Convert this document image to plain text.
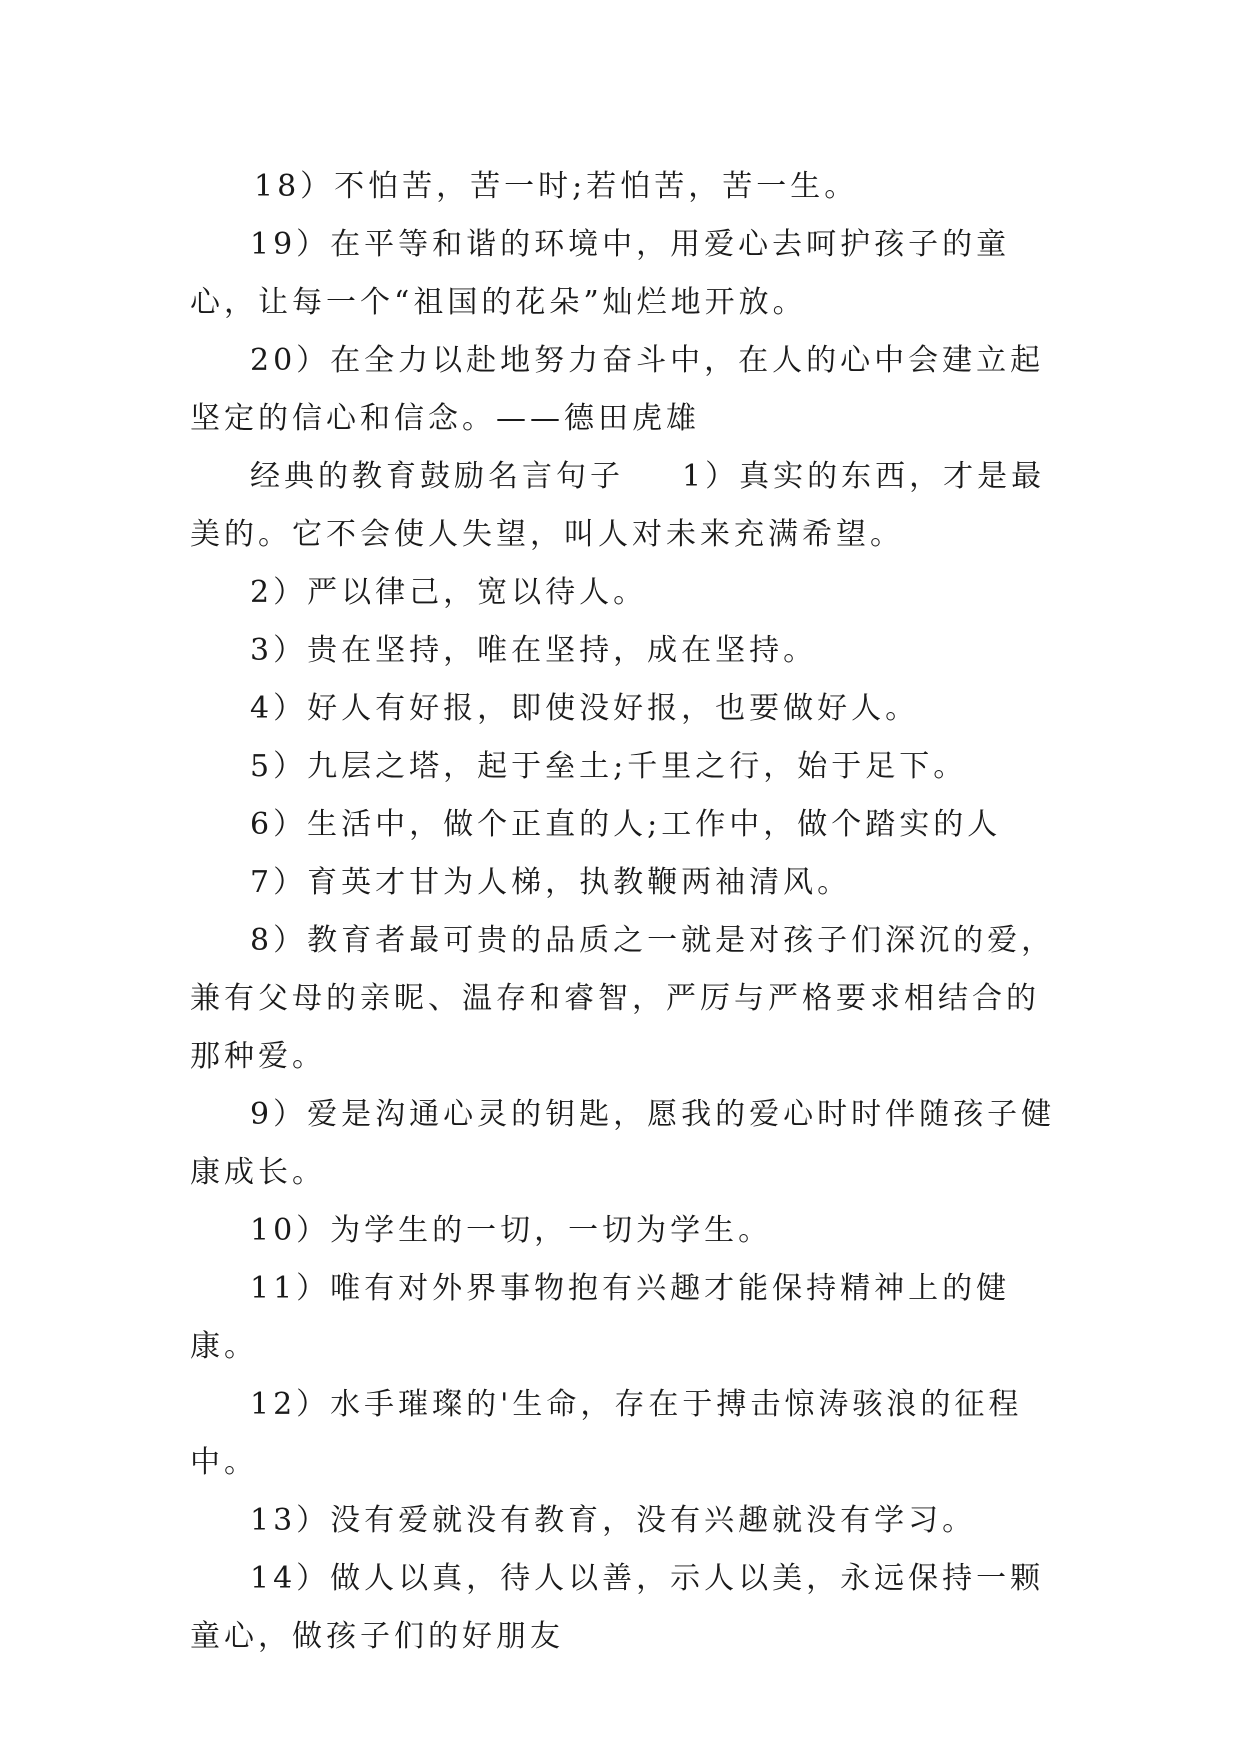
18）不怕苦，苦一时;若怕苦，苦一生。

19）在平等和谐的环境中，用爱心去呵护孩子的童心，让每一个“祖国的花朵”灿烂地开放。

20）在全力以赴地努力奋斗中，在人的心中会建立起坚定的信心和信念。——德田虎雄

经典的教育鼓励名言句子 1）真实的东西，才是最美的。它不会使人失望，叫人对未来充满希望。

2）严以律己，宽以待人。

3）贵在坚持，唯在坚持，成在坚持。

4）好人有好报，即使没好报，也要做好人。

5）九层之塔，起于垒土;千里之行，始于足下。

6）生活中，做个正直的人;工作中，做个踏实的人

7）育英才甘为人梯，执教鞭两袖清风。

8）教育者最可贵的品质之一就是对孩子们深沉的爱，兼有父母的亲昵、温存和睿智，严厉与严格要求相结合的那种爱。

9）爱是沟通心灵的钥匙，愿我的爱心时时伴随孩子健康成长。

10）为学生的一切，一切为学生。

11）唯有对外界事物抱有兴趣才能保持精神上的健康。

12）水手璀璨的'生命，存在于搏击惊涛骇浪的征程中。

13）没有爱就没有教育，没有兴趣就没有学习。

14）做人以真，待人以善，示人以美，永远保持一颗童心，做孩子们的好朋友
